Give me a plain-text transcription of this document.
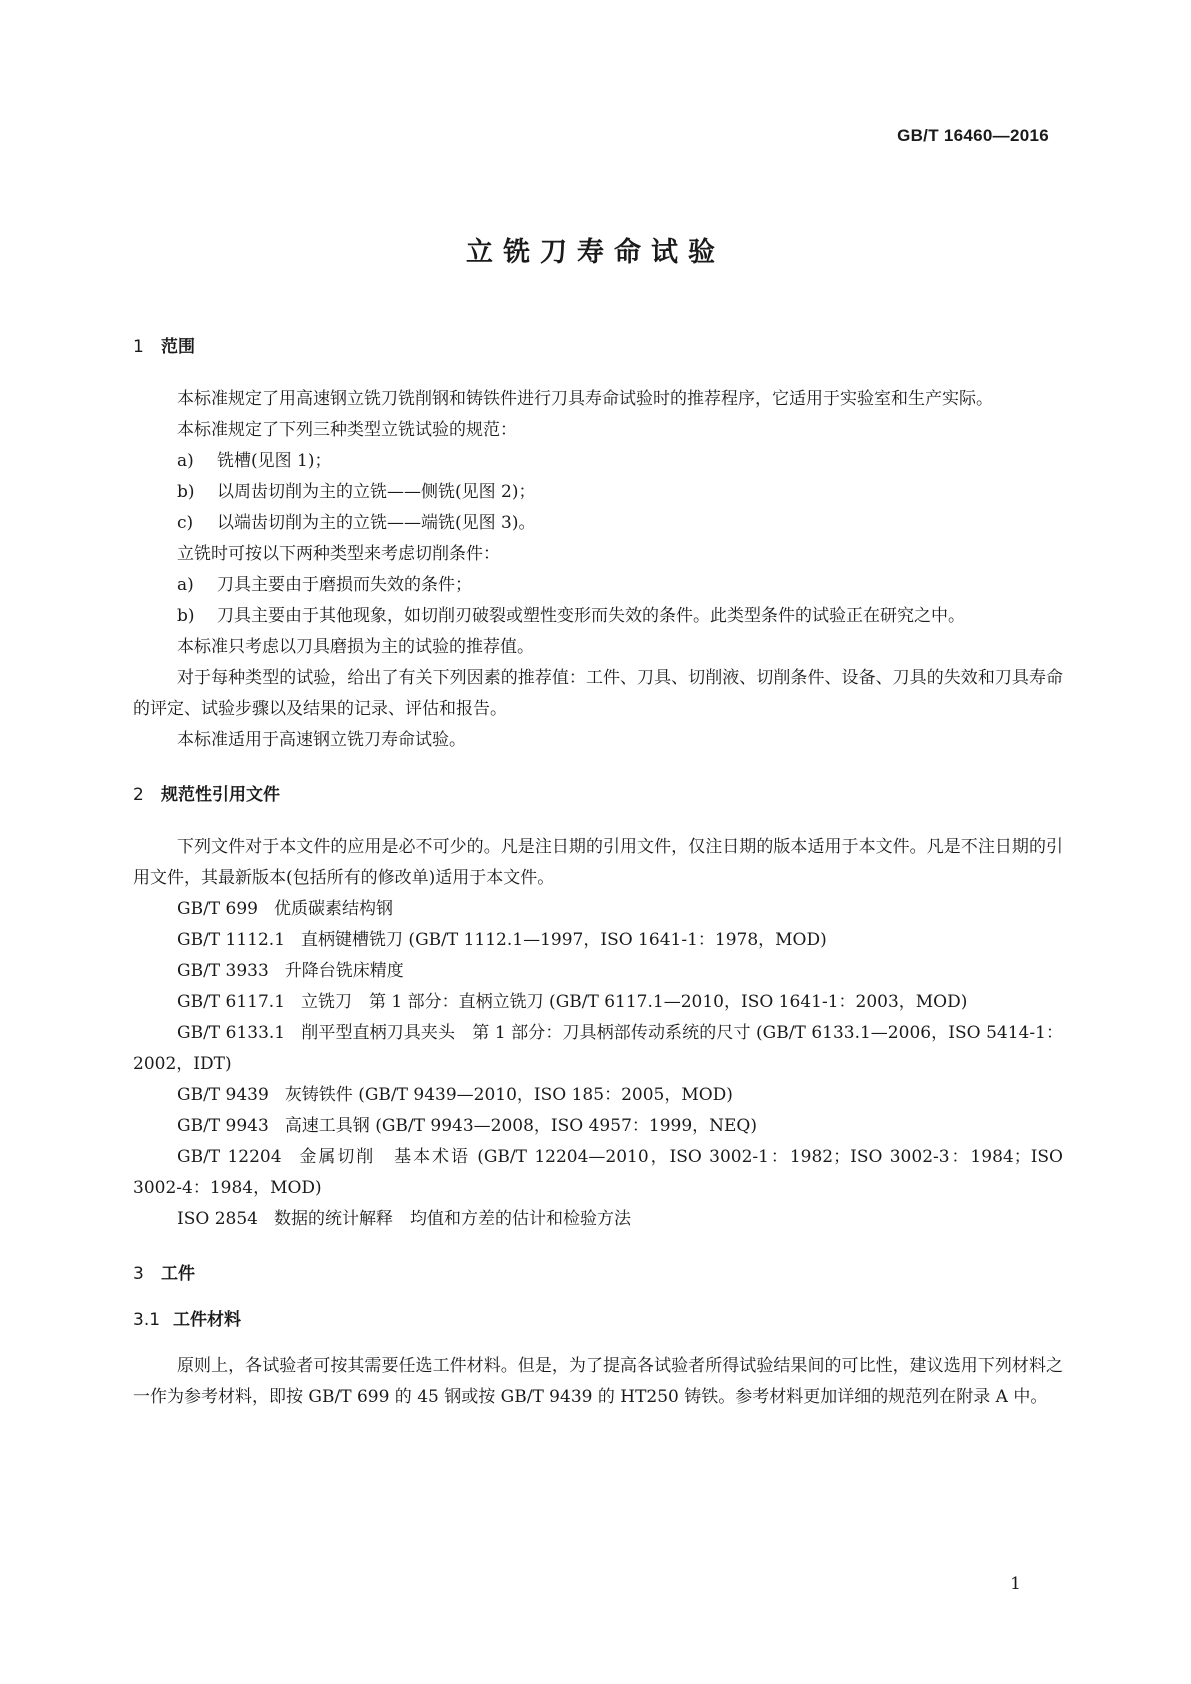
GB/T 16460—2016
立铣刀寿命试验
1 范围

本标准规定了用高速钢立铣刀铣削钢和铸铁件进行刀具寿命试验时的推荐程序，它适用于实验室和生产实际。

本标准规定了下列三种类型立铣试验的规范：

a) 铣槽(见图 1)；

b) 以周齿切削为主的立铣——侧铣(见图 2)；

c) 以端齿切削为主的立铣——端铣(见图 3)。

立铣时可按以下两种类型来考虑切削条件：

a) 刀具主要由于磨损而失效的条件；

b) 刀具主要由于其他现象，如切削刃破裂或塑性变形而失效的条件。此类型条件的试验正在研究之中。

本标准只考虑以刀具磨损为主的试验的推荐值。

对于每种类型的试验，给出了有关下列因素的推荐值：工件、刀具、切削液、切削条件、设备、刀具的失效和刀具寿命的评定、试验步骤以及结果的记录、评估和报告。

本标准适用于高速钢立铣刀寿命试验。

2 规范性引用文件

下列文件对于本文件的应用是必不可少的。凡是注日期的引用文件，仅注日期的版本适用于本文件。凡是不注日期的引用文件，其最新版本(包括所有的修改单)适用于本文件。

GB/T 699 优质碳素结构钢

GB/T 1112.1 直柄键槽铣刀 (GB/T 1112.1—1997，ISO 1641-1：1978，MOD)

GB/T 3933 升降台铣床精度

GB/T 6117.1 立铣刀　第 1 部分：直柄立铣刀 (GB/T 6117.1—2010，ISO 1641-1：2003，MOD)

GB/T 6133.1 削平型直柄刀具夹头　第 1 部分：刀具柄部传动系统的尺寸 (GB/T 6133.1—2006，ISO 5414-1：2002，IDT)

GB/T 9439 灰铸铁件 (GB/T 9439—2010，ISO 185：2005，MOD)

GB/T 9943 高速工具钢 (GB/T 9943—2008，ISO 4957：1999，NEQ)

GB/T 12204 金属切削　基本术语 (GB/T 12204—2010，ISO 3002-1：1982；ISO 3002-3：1984；ISO 3002-4：1984，MOD)

ISO 2854 数据的统计解释　均值和方差的估计和检验方法

3 工件
3.1 工件材料

原则上，各试验者可按其需要任选工件材料。但是，为了提高各试验者所得试验结果间的可比性，建议选用下列材料之一作为参考材料，即按 GB/T 699 的 45 钢或按 GB/T 9439 的 HT250 铸铁。参考材料更加详细的规范列在附录 A 中。

1
